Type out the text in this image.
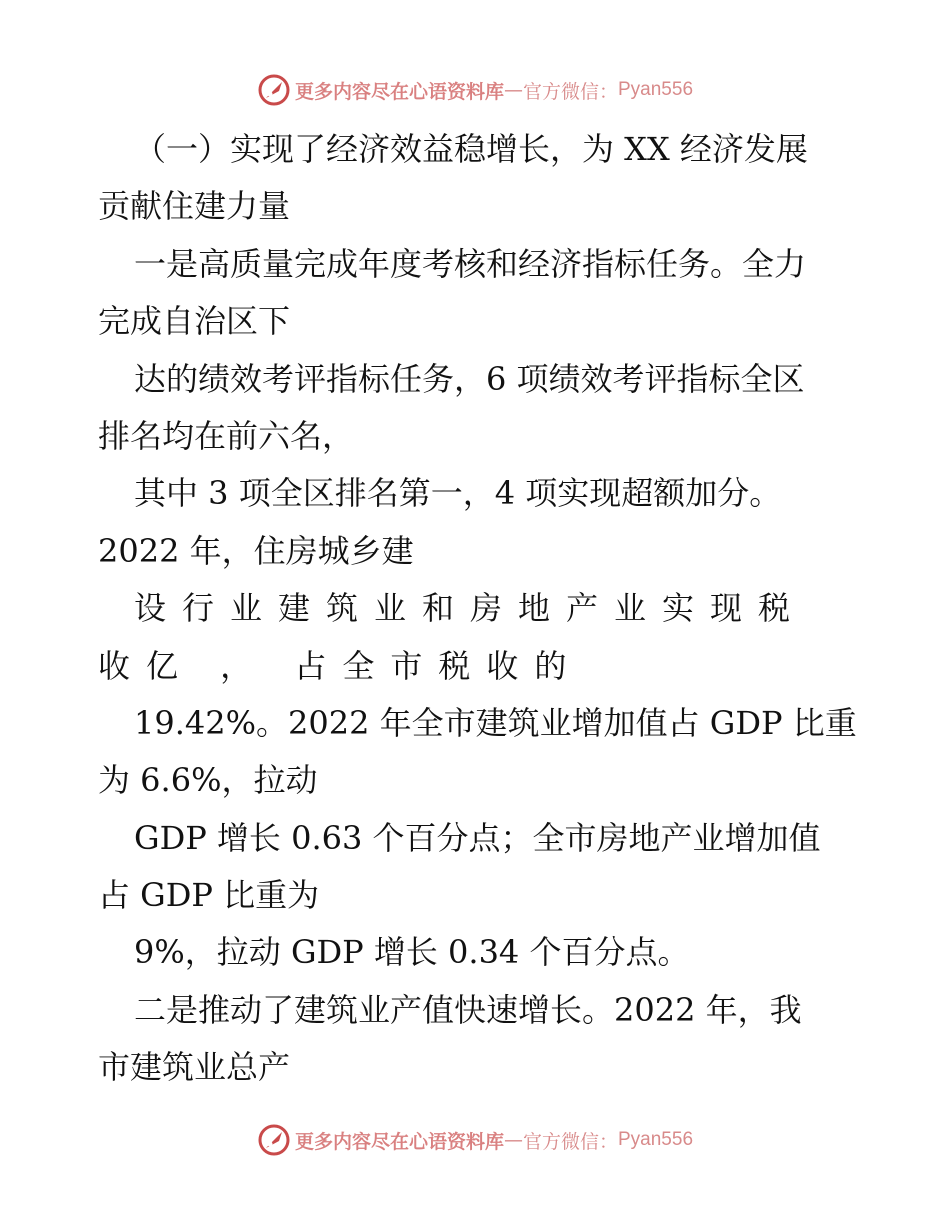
更多内容尽在心语资料库 — 官方微信： Pyan556
（一）实现了经济效益稳增长，为 XX 经济发展
贡献住建力量
一是高质量完成年度考核和经济指标任务。全力
完成自治区下
达的绩效考评指标任务，6 项绩效考评指标全区
排名均在前六名，
其中 3 项全区排名第一，4 项实现超额加分。
2022 年，住房城乡建
设行业建筑业和房地产业实现税
收亿 ， 占全市税收的
19.42%。2022 年全市建筑业增加值占 GDP 比重
为 6.6%，拉动
GDP 增长 0.63 个百分点；全市房地产业增加值
占 GDP 比重为
9%，拉动 GDP 增长 0.34 个百分点。
二是推动了建筑业产值快速增长。2022 年，我
市建筑业总产
更多内容尽在心语资料库 — 官方微信： Pyan556
